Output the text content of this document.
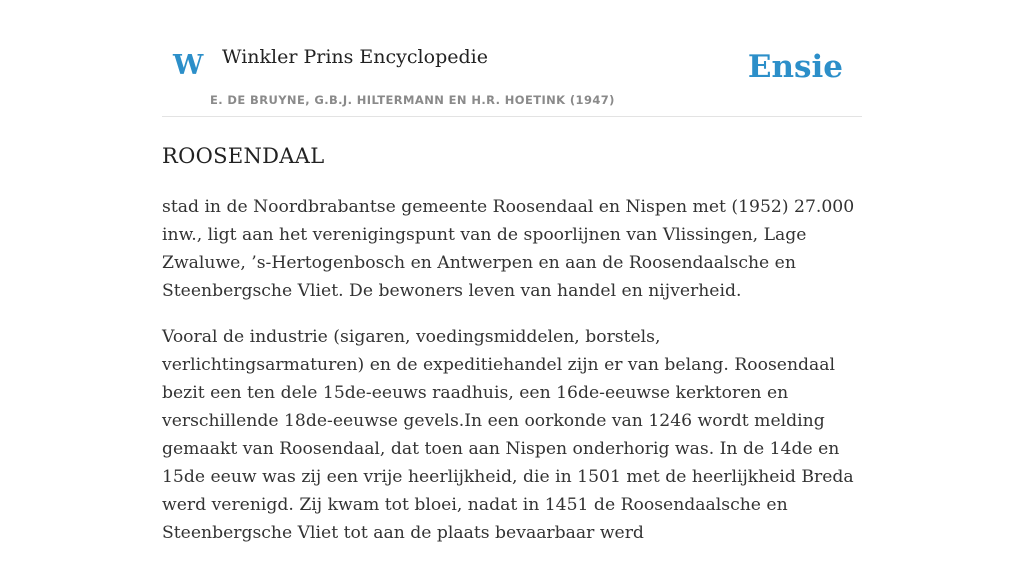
W Winkler Prins Encyclopedie
E. DE BRUYNE, G.B.J. HILTERMANN EN H.R. HOETINK (1947)
Ensie
ROOSENDAAL

stad in de Noordbrabantse gemeente Roosendaal en Nispen met (1952) 27.000 inw., ligt aan het verenigingspunt van de spoorlijnen van Vlissingen, Lage Zwaluwe, ’s-Hertogenbosch en Antwerpen en aan de Roosendaalsche en Steenbergsche Vliet. De bewoners leven van handel en nijverheid.

Vooral de industrie (sigaren, voedingsmiddelen, borstels, verlichtingsarmaturen) en de expeditiehandel zijn er van belang. Roosendaal bezit een ten dele 15de-eeuws raadhuis, een 16de-eeuwse kerktoren en verschillende 18de-eeuwse gevels.In een oorkonde van 1246 wordt melding gemaakt van Roosendaal, dat toen aan Nispen onderhorig was. In de 14de en 15de eeuw was zij een vrije heerlijkheid, die in 1501 met de heerlijkheid Breda werd verenigd. Zij kwam tot bloei, nadat in 1451 de Roosendaalsche en Steenbergsche Vliet tot aan de plaats bevaarbaar werd
